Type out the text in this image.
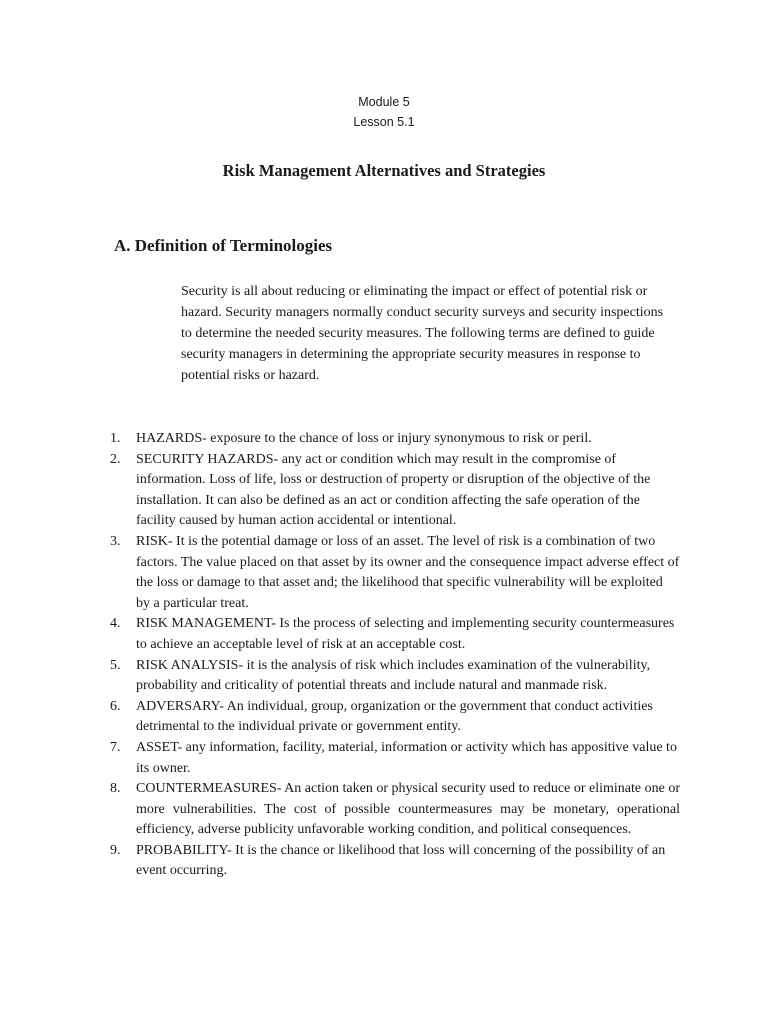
Module 5
Lesson 5.1
Risk Management Alternatives and Strategies
A. Definition of Terminologies

Security is all about reducing or eliminating the impact or effect of potential risk or hazard. Security managers normally conduct security surveys and security inspections to determine the needed security measures. The following terms are defined to guide security managers in determining the appropriate security measures in response to potential risks or hazard.

1. HAZARDS- exposure to the chance of loss or injury synonymous to risk or peril.
2. SECURITY HAZARDS- any act or condition which may result in the compromise of information. Loss of life, loss or destruction of property or disruption of the objective of the installation. It can also be defined as an act or condition affecting the safe operation of the facility caused by human action accidental or intentional.
3. RISK- It is the potential damage or loss of an asset. The level of risk is a combination of two factors. The value placed on that asset by its owner and the consequence impact adverse effect of the loss or damage to that asset and; the likelihood that specific vulnerability will be exploited by a particular treat.
4. RISK MANAGEMENT- Is the process of selecting and implementing security countermeasures to achieve an acceptable level of risk at an acceptable cost.
5. RISK ANALYSIS- it is the analysis of risk which includes examination of the vulnerability, probability and criticality of potential threats and include natural and manmade risk.
6. ADVERSARY- An individual, group, organization or the government that conduct activities detrimental to the individual private or government entity.
7. ASSET- any information, facility, material, information or activity which has appositive value to its owner.
8. COUNTERMEASURES- An action taken or physical security used to reduce or eliminate one or more vulnerabilities. The cost of possible countermeasures may be monetary, operational efficiency, adverse publicity unfavorable working condition, and political consequences.
9. PROBABILITY- It is the chance or likelihood that loss will concerning of the possibility of an event occurring.
